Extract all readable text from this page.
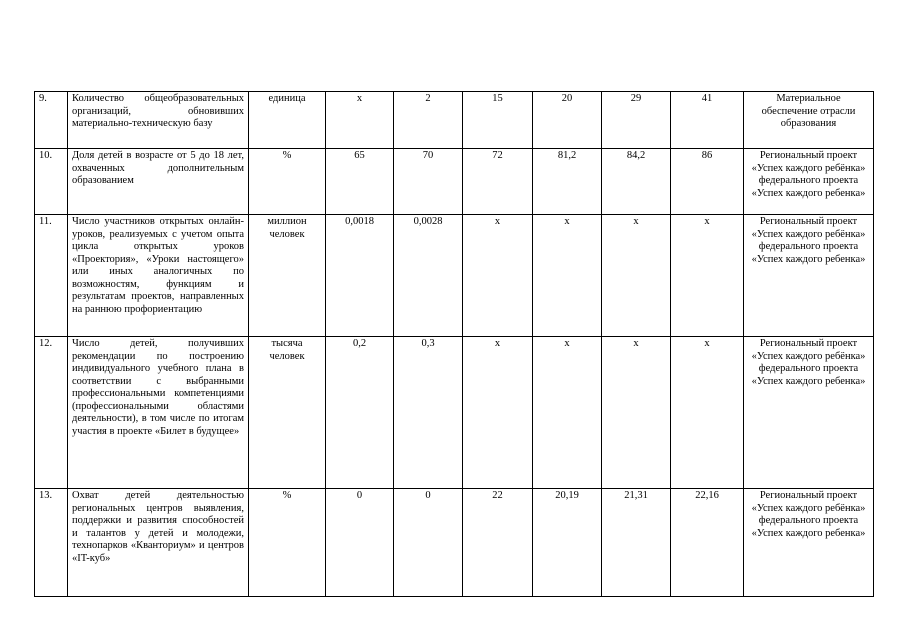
9.	Количество общеобразовательных организаций, обновивших материально-техническую базу	единица	x	2	15	20	29	41	Материальное обеспечение отрасли образования
10.	Доля детей в возрасте от 5 до 18 лет, охваченных дополнительным образованием	%	65	70	72	81,2	84,2	86	Региональный проект «Успех каждого ребёнка» федерального проекта «Успех каждого ребенка»
11.	Число участников открытых онлайн-уроков, реализуемых с учетом опыта цикла открытых уроков «Проектория», «Уроки настоящего» или иных аналогичных по возможностям, функциям и результатам проектов, направленных на раннюю профориентацию	миллион человек	0,0018	0,0028	x	x	x	x	Региональный проект «Успех каждого ребёнка» федерального проекта «Успех каждого ребенка»
12.	Число детей, получивших рекомендации по построению индивидуального учебного плана в соответствии с выбранными профессиональными компетенциями (профессиональными областями деятельности), в том числе по итогам участия в проекте «Билет в будущее»	тысяча человек	0,2	0,3	x	x	x	x	Региональный проект «Успех каждого ребёнка» федерального проекта «Успех каждого ребенка»
13.	Охват детей деятельностью региональных центров выявления, поддержки и развития способностей и талантов у детей и молодежи, технопарков «Кванториум» и центров «IT-куб»	%	0	0	22	20,19	21,31	22,16	Региональный проект «Успех каждого ребёнка» федерального проекта «Успех каждого ребенка»
